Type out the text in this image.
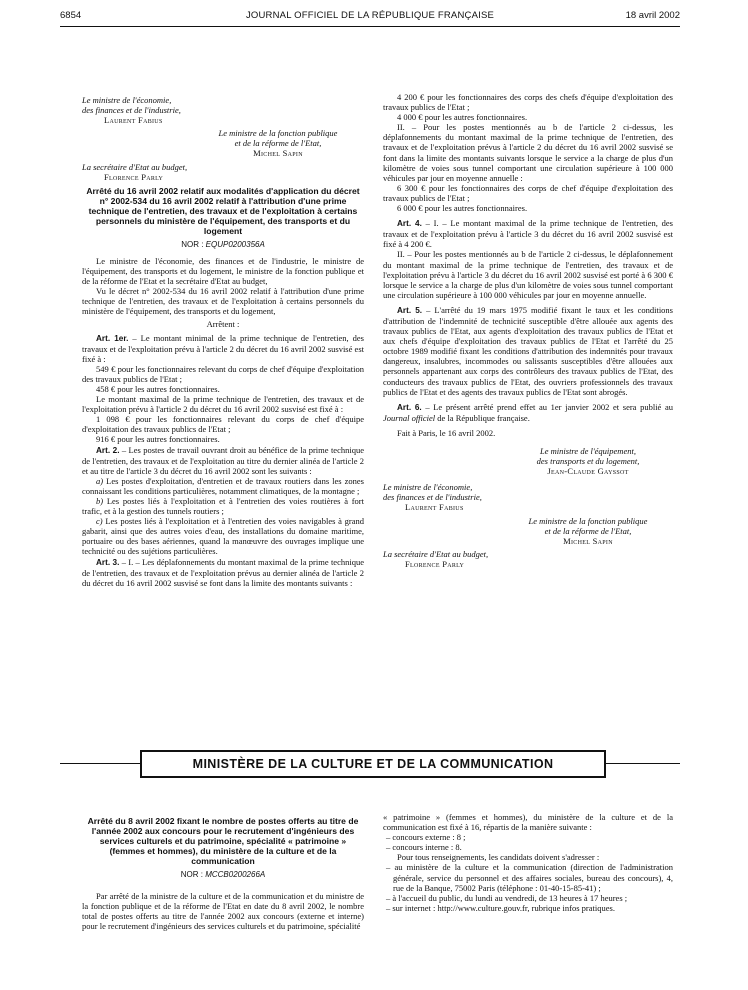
6854	JOURNAL OFFICIEL DE LA RÉPUBLIQUE FRANÇAISE	18 avril 2002

Le ministre de l'économie,

des finances et de l'industrie,

Laurent Fabius

Le ministre de la fonction publique

et de la réforme de l'Etat,

Michel Sapin

La secrétaire d'Etat au budget,

Florence Parly

Arrêté du 16 avril 2002 relatif aux modalités d'application du décret n° 2002-534 du 16 avril 2002 relatif à l'attribution d'une prime technique de l'entretien, des travaux et de l'exploitation à certains personnels du ministère de l'équipement, des transports et du logement
NOR : EQUP0200356A

Le ministre de l'économie, des finances et de l'industrie, le ministre de l'équipement, des transports et du logement, le ministre de la fonction publique et de la réforme de l'Etat et la secrétaire d'Etat au budget,

Vu le décret n° 2002-534 du 16 avril 2002 relatif à l'attribution d'une prime technique de l'entretien, des travaux et de l'exploitation à certains personnels du ministère de l'équipement, des transports et du logement,

Arrêtent :

Art. 1er. – Le montant minimal de la prime technique de l'entretien, des travaux et de l'exploitation prévu à l'article 2 du décret du 16 avril 2002 susvisé est fixé à :

549 € pour les fonctionnaires relevant du corps de chef d'équipe d'exploitation des travaux publics de l'Etat ;

458 € pour les autres fonctionnaires.

Le montant maximal de la prime technique de l'entretien, des travaux et de l'exploitation prévu à l'article 2 du décret du 16 avril 2002 susvisé est fixé à :

1 098 € pour les fonctionnaires relevant du corps de chef d'équipe d'exploitation des travaux publics de l'Etat ;

916 € pour les autres fonctionnaires.

Art. 2. – Les postes de travail ouvrant droit au bénéfice de la prime technique de l'entretien, des travaux et de l'exploitation au titre du dernier alinéa de l'article 2 et au titre de l'article 3 du décret du 16 avril 2002 sont les suivants :

a) Les postes d'exploitation, d'entretien et de travaux routiers dans les zones connaissant les conditions particulières, notamment climatiques, de la montagne ;

b) Les postes liés à l'exploitation et à l'entretien des voies routières à fort trafic, et à la gestion des tunnels routiers ;

c) Les postes liés à l'exploitation et à l'entretien des voies navigables à grand gabarit, ainsi que des autres voies d'eau, des installations du domaine maritime, portuaire ou des bases aériennes, quand la manœuvre des ouvrages implique une technicité ou des sujétions particulières.

Art. 3. – I. – Les déplafonnements du montant maximal de la prime technique de l'entretien, des travaux et de l'exploitation prévus au dernier alinéa de l'article 2 du décret du 16 avril 2002 susvisé se font dans la limite des montants suivants :

4 200 € pour les fonctionnaires des corps des chefs d'équipe d'exploitation des travaux publics de l'Etat ;

4 000 € pour les autres fonctionnaires.

II. – Pour les postes mentionnés au b de l'article 2 ci-dessus, les déplafonnements du montant maximal de la prime technique de l'entretien, des travaux et de l'exploitation prévus à l'article 2 du décret du 16 avril 2002 susvisé se font dans la limite des montants suivants lorsque le service a la charge de plus d'un kilomètre de voies sous tunnel comportant une circulation supérieure à 100 000 véhicules par jour en moyenne annuelle :

6 300 € pour les fonctionnaires des corps de chef d'équipe d'exploitation des travaux publics de l'Etat ;

6 000 € pour les autres fonctionnaires.

Art. 4. – I. – Le montant maximal de la prime technique de l'entretien, des travaux et de l'exploitation prévu à l'article 3 du décret du 16 avril 2002 susvisé est fixé à 4 200 €.

II. – Pour les postes mentionnés au b de l'article 2 ci-dessus, le déplafonnement du montant maximal de la prime technique de l'entretien, des travaux et de l'exploitation prévu à l'article 3 du décret du 16 avril 2002 susvisé est porté à 6 300 € lorsque le service a la charge de plus d'un kilomètre de voies sous tunnel comportant une circulation supérieure à 100 000 véhicules par jour en moyenne annuelle.

Art. 5. – L'arrêté du 19 mars 1975 modifié fixant le taux et les conditions d'attribution de l'indemnité de technicité susceptible d'être allouée aux agents des travaux publics de l'Etat, aux agents d'exploitation des travaux publics de l'Etat et aux chefs d'équipe d'exploitation des travaux publics de l'Etat et l'arrêté du 25 octobre 1989 modifié fixant les conditions d'attribution des indemnités pour travaux dangereux, insalubres, incommodes ou salissants susceptibles d'être allouées aux personnels appartenant aux corps des contrôleurs des travaux publics de l'Etat, des conducteurs des travaux publics de l'Etat, des ouvriers professionnels des travaux publics de l'Etat et des agents des travaux publics de l'Etat sont abrogés.

Art. 6. – Le présent arrêté prend effet au 1er janvier 2002 et sera publié au Journal officiel de la République française.

Fait à Paris, le 16 avril 2002.

Le ministre de l'équipement,

des transports et du logement,

Jean-Claude Gayssot

Le ministre de l'économie,

des finances et de l'industrie,

Laurent Fabius

Le ministre de la fonction publique

et de la réforme de l'Etat,

Michel Sapin

La secrétaire d'Etat au budget,

Florence Parly

MINISTÈRE DE LA CULTURE ET DE LA COMMUNICATION
Arrêté du 8 avril 2002 fixant le nombre de postes offerts au titre de l'année 2002 aux concours pour le recrutement d'ingénieurs des services culturels et du patrimoine, spécialité « patrimoine » (femmes et hommes), du ministère de la culture et de la communication
NOR : MCCB0200266A

Par arrêté de la ministre de la culture et de la communication et du ministre de la fonction publique et de la réforme de l'Etat en date du 8 avril 2002, le nombre total de postes offerts au titre de l'année 2002 aux concours (externe et interne) pour le recrutement d'ingénieurs des services culturels et du patrimoine, spécialité

« patrimoine » (femmes et hommes), du ministère de la culture et de la communication est fixé à 16, répartis de la manière suivante :

– concours externe : 8 ;
– concours interne : 8.

Pour tous renseignements, les candidats doivent s'adresser :

– au ministère de la culture et la communication (direction de l'administration générale, service du personnel et des affaires sociales, bureau des concours), 4, rue de la Banque, 75002 Paris (téléphone : 01-40-15-85-41) ;
– à l'accueil du public, du lundi au vendredi, de 13 heures à 17 heures ;
– sur internet : http://www.culture.gouv.fr, rubrique infos pratiques.
